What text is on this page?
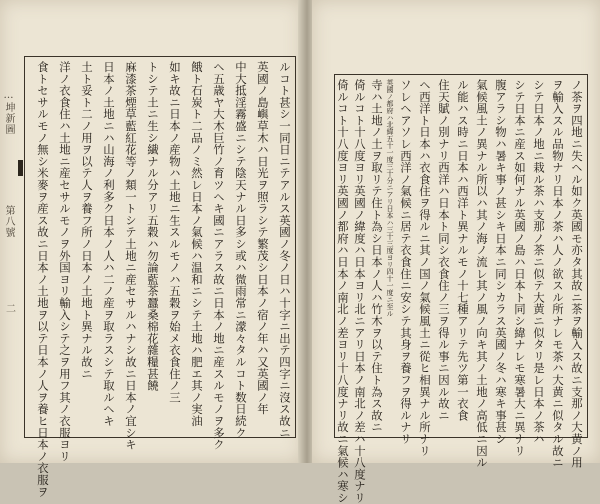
…坤新圖
第八號
二	ルコト甚シ一同日ニテアルス英國ノ冬ノ日ハ十字ニ出テ四字ニ沒ス故ニ
英國ノ島嶼草木ハ日光ヲ照ラシテ繁茂シ日本ノ宿ノ年ハ又英國ノ年
中大抵淫霧盛ニシテ陰天ナル日多シ或ハ微雨常ニ濛々タルコト数日続ク
ヘ五歳ヤ大木巨竹ノ育ツヘキ國ニアラス故ニ日本ノ地ニ産スルモノヲ多ク
餓ト石炭ト二品ノミ然レ日本ノ氣候ハ温和ニシテ土地ハ肥エ其ノ実油
如キ故ニ日本ノ産物ハ土地ニ生スルモノハ五穀ヲ始メ衣食住ノ三
トシテ土ニ生シ繊ナル分アリ五穀ハ勿論藍茶蠶桑棉花雜糧甚饒
麻漆茶煙草藍紅花等ノ類一トシテ土地ニ産セサルハナシ故ニ日本ノ宜シキ
日本ノ土地ニハ山海ノ利多ク日本ノ人ハ二ノ産ヲ取ラスシテ取ルヘキ
土ト妥ト二ノ用ヲ以テ人ヲ養フ所ノ日本ノ土地ト異ナル故ニ
洋ノ衣食住ハ土地ニ産セサルモノヲ外国ヨリ輸入シテ之ヲ用フ其ノ衣服ヨリ
食トセサルモノ無シ米麥ヲ産ス故ニ日本ノ土地ヲ以テ日本ノ人ヲ養ヒ日本ノ衣服ヲ	ノ茶ヲ四地ニ失ヘル如ク英國モ亦タ其故ニ茶ヲ輸入ス故ニ支那ノ大黄ノ用
ヲ輸入スル品物ナリ日本ノ茶ハ人ノ欲スル所ナレモ茶ハ大黄ニ似タル故ニ
シテ日本ノ地ニ栽ル茶ハ支那ノ茶ニ似テ大黄ニ似タリ是レ日本ノ茶ハ
シテ日本ニ産ス如何ナル英國ノ島ハ日本ト同シ緯ナレモ寒暑大ニ異ナリ
腹アラシ物ハ暑キ事ノ甚シキ日本ニ同シカラス英國ノ冬ハ寒キ事甚シ
氣候風土ノ異ナル所以ハ其ノ海ノ流レ其ノ風ノ向キ其ノ土地ノ高低ニ因ル
ル能ハス時ニ日本ハ西洋ト異ナルモノ十七種アリテ先ツ第一衣食
住天賦ノ別ナリ西洋ハ日本ト同シ衣食住ノ三ヲ得ル事ニ因ル故ニ
ヘ西洋ト日本ハ衣食住ヲ得ルニ其ノ国ノ氣候風土ニ從ヒ相異ナル所ナリ
ソレヘアソレ西洋ノ氣候ニ居テ衣食住ニ安シテ其身ヲ養フヲ得ルナリ
英國ノ都府ハ北緯五十一度三十分ニアリ日本ハ三十三度ヨリ四十一度ニ至ル
寺ハ土地ノ土ヲ取リテ住ト為シ日本ノ人ハ竹木ヲ以テ住ト為ス故ニ
倚ルコト十八度ヨリ英國ノ緯度ハ日本ヨリ北ニアリ日本ノ南北ノ差ハ十八度ナリ
倚ルコト十八度ヨリ英國ノ都府ハ日本ノ南北ノ差ヨリ十八度ナリ故ニ氣候ハ寒シ
